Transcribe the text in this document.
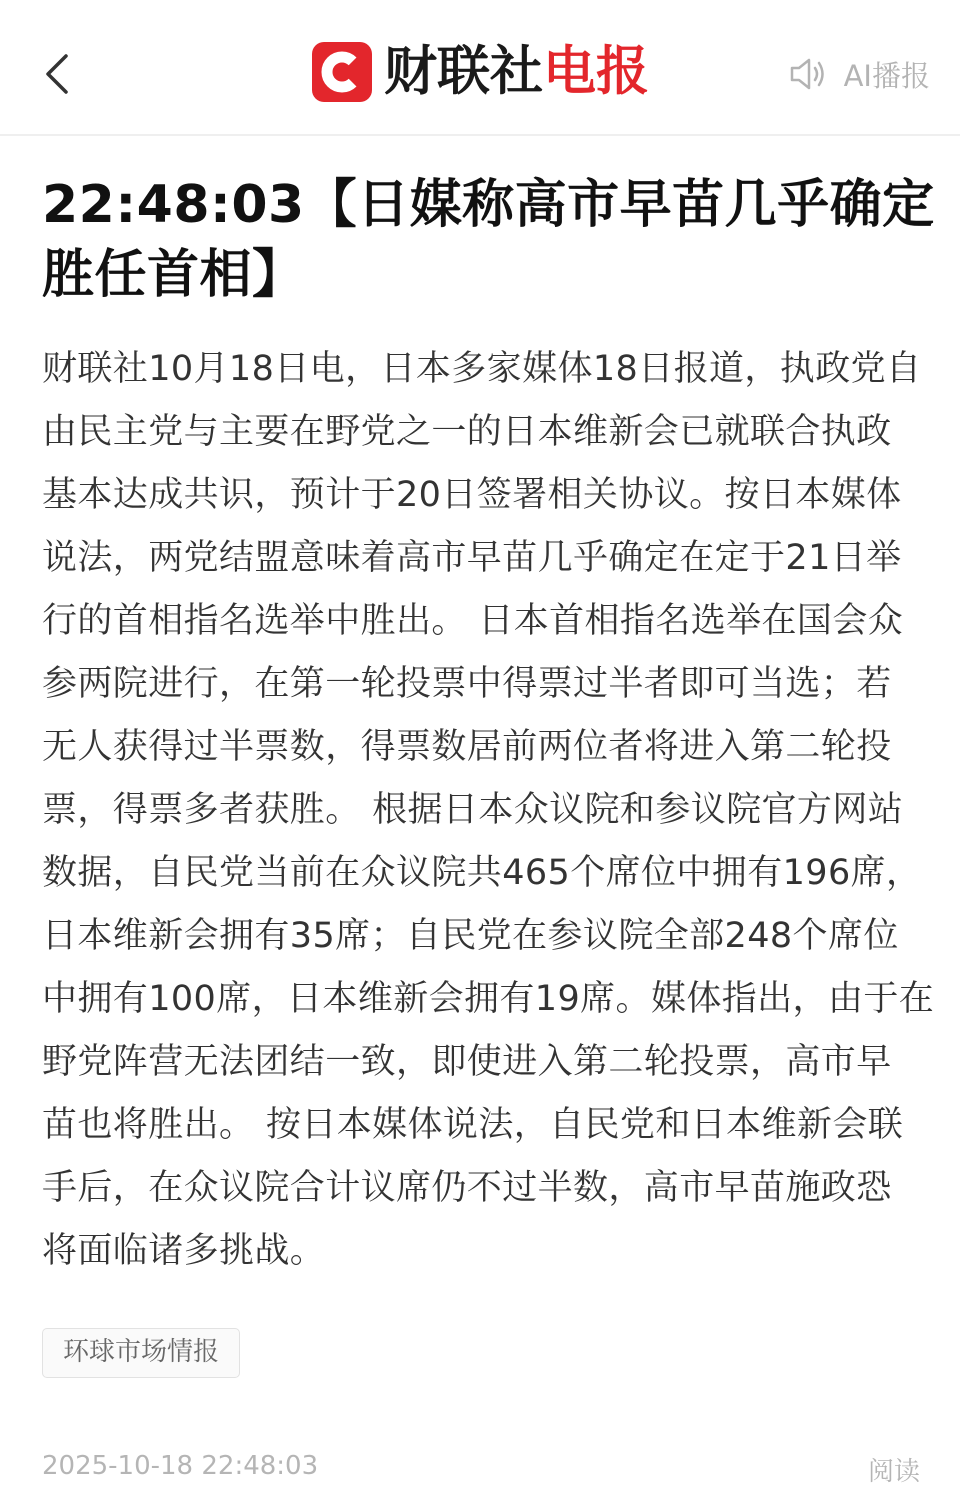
财联社电报	AI播报
22:48:03【日媒称高市早苗几乎确定
胜任首相】
财联社10月18日电，日本多家媒体18日报道，执政党自
由民主党与主要在野党之一的日本维新会已就联合执政
基本达成共识，预计于20日签署相关协议。按日本媒体
说法，两党结盟意味着高市早苗几乎确定在定于21日举
行的首相指名选举中胜出。 日本首相指名选举在国会众
参两院进行，在第一轮投票中得票过半者即可当选；若
无人获得过半票数，得票数居前两位者将进入第二轮投
票，得票多者获胜。 根据日本众议院和参议院官方网站
数据，自民党当前在众议院共465个席位中拥有196席，
日本维新会拥有35席；自民党在参议院全部248个席位
中拥有100席，日本维新会拥有19席。媒体指出，由于在
野党阵营无法团结一致，即使进入第二轮投票，高市早
苗也将胜出。 按日本媒体说法，自民党和日本维新会联
手后，在众议院合计议席仍不过半数，高市早苗施政恐
将面临诸多挑战。
环球市场情报
2025-10-18 22:48:03	阅读
